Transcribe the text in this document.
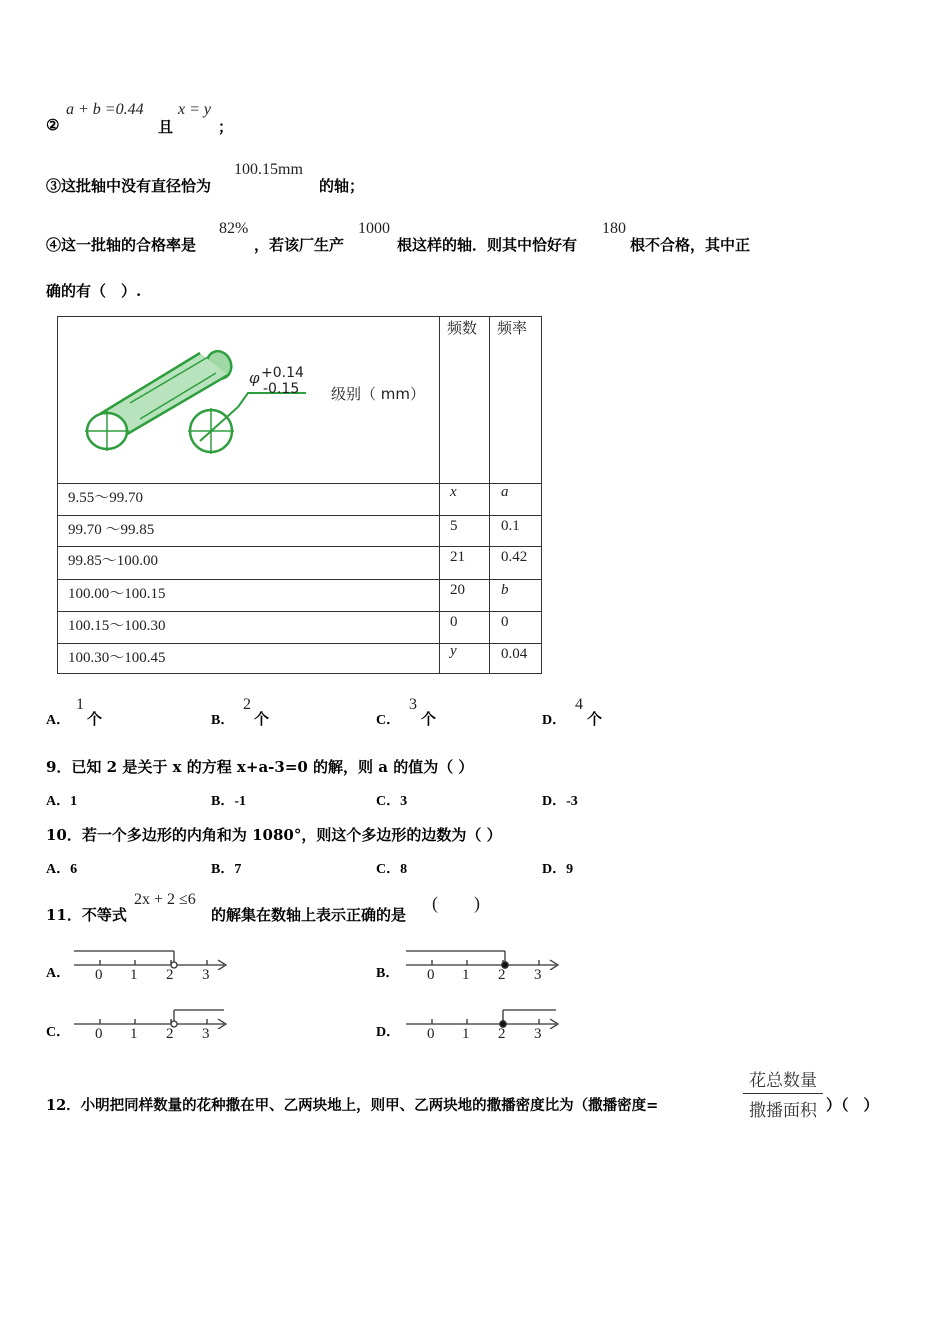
②
a + b =0.44
且
x = y
；
③这批轴中没有直径恰为
100.15mm
的轴；
④这一批轴的合格率是
82%
，若该厂生产
1000
根这样的轴．则其中恰好有
180
根不合格，其中正
确的有（　）.
φ +0.14
-0.15 级别（ mm）
频数 频率
9.55～99.70	x	a
99.70 ～99.85	5	0.1
99.85～100.00	21 0.42
100.00～100.15	20 b
100.15～100.30	0	0
100.30～100.45	y	0.04
A．
1
个	B．
2
个	C．
3
个	D．
4
个
9．已知 2 是关于 x 的方程 x+a-3=0 的解，则 a 的值为（ ）
A．1	B．-1	C．3	D．-3
10．若一个多边形的内角和为 1080°，则这个多边形的边数为（ ）
A．6	B．7	C．8	D．9
11．不等式
2x + 2 ≤6
的解集在数轴上表示正确的是
(　　)
A．	B．
C．	D．
0 1 2 3	0 1 2 3
0 1 2 3	0 1 2 3
12．小明把同样数量的花种撒在甲、乙两块地上，则甲、乙两块地的撒播密度比为（撒播密度=
花总数量
撒播面积 ）（　）
